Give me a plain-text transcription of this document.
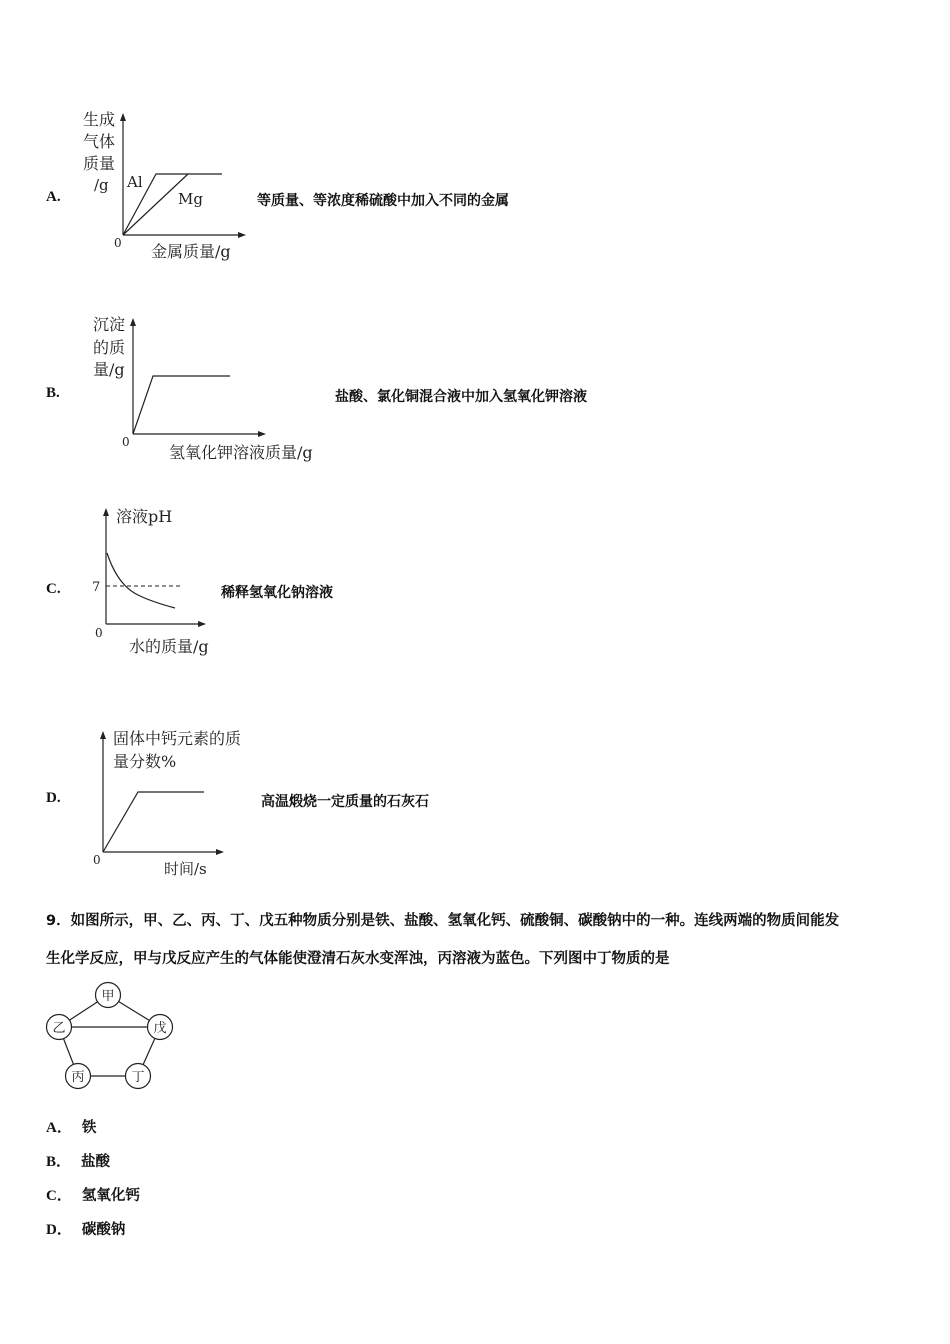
A.
生成
气体
质量
/g Al
Mg
0 金属质量/g
等质量、等浓度稀硫酸中加入不同的金属
B.
沉淀
的质
量/g
0
氢氧化钾溶液质量/g
盐酸、氯化铜混合液中加入氢氧化钾溶液
C.
溶液pH
7
0
水的质量/g
稀释氢氧化钠溶液
D.
固体中钙元素的质
量分数%
0	时间/s
高温煅烧一定质量的石灰石
9．如图所示，甲、乙、丙、丁、戊五种物质分别是铁、盐酸、氢氧化钙、硫酸铜、碳酸钠中的一种。连线两端的物质间能发
生化学反应，甲与戊反应产生的气体能使澄清石灰水变浑浊，丙溶液为蓝色。下列图中丁物质的是
甲
乙	戊
丙	丁
A． 铁
B． 盐酸
C． 氢氧化钙
D． 碳酸钠
